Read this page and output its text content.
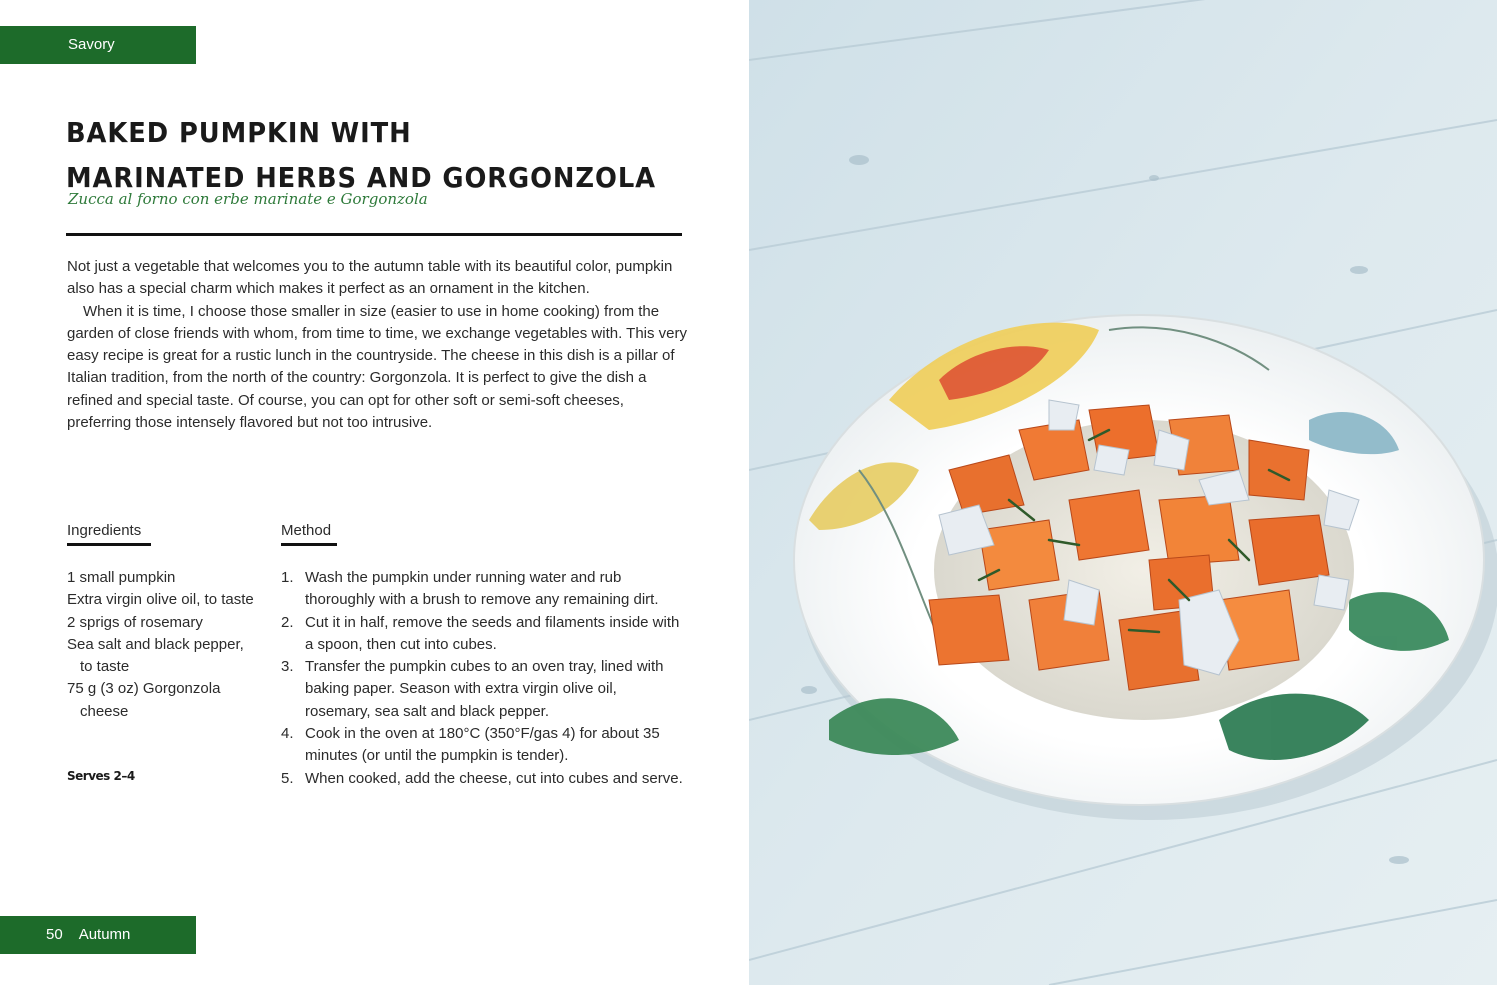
Savory
BAKED PUMPKIN WITH
MARINATED HERBS AND GORGONZOLA
Zucca al forno con erbe marinate e Gorgonzola

Not just a vegetable that welcomes you to the autumn table with its beautiful color, pumpkin also has a special charm which makes it perfect as an ornament in the kitchen.

When it is time, I choose those smaller in size (easier to use in home cooking) from the garden of close friends with whom, from time to time, we exchange vegetables with. This very easy recipe is great for a rustic lunch in the countryside. The cheese in this dish is a pillar of Italian tradition, from the north of the country: Gorgonzola. It is perfect to give the dish a refined and special taste. Of course, you can opt for other soft or semi-soft cheeses, preferring those intensely flavored but not too intrusive.

Ingredients	Method
1 small pumpkin
Extra virgin olive oil, to taste
2 sprigs of rosemary
Sea salt and black pepper, to taste
75 g (3 oz) Gorgonzola cheese
Serves 2–4
1. Wash the pumpkin under running water and rub thoroughly with a brush to remove any remaining dirt.
2. Cut it in half, remove the seeds and filaments inside with a spoon, then cut into cubes.
3. Transfer the pumpkin cubes to an oven tray, lined with baking paper. Season with extra virgin olive oil, rosemary, sea salt and black pepper.
4. Cook in the oven at 180°C (350°F/gas 4) for about 35 minutes (or until the pumpkin is tender).
5. When cooked, add the cheese, cut into cubes and serve.
50 Autumn
